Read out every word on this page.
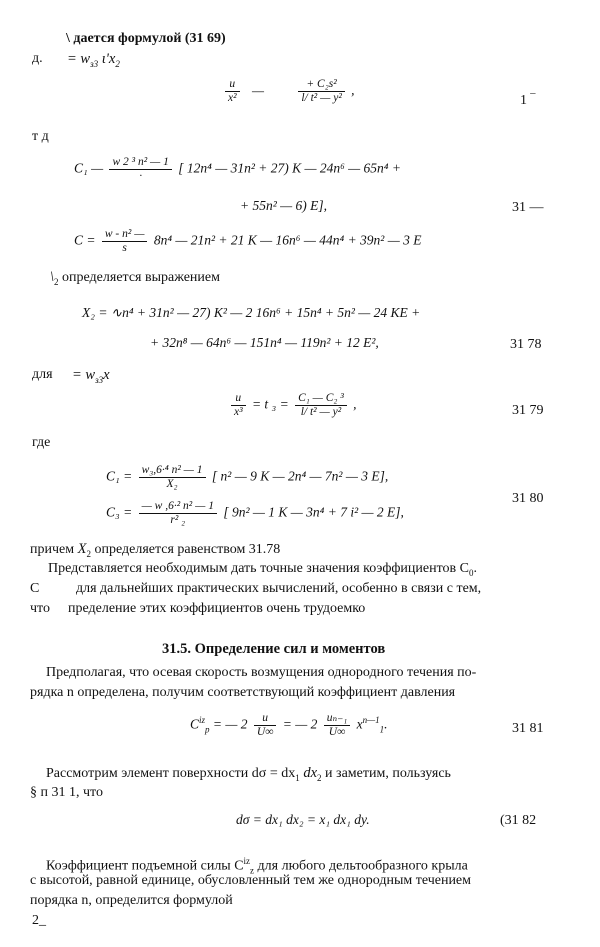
\ дается формулой (31 69)
д. = $w_{з3}$ $\iota'x_2$
$\frac{u}{\text{x²}}$ —	$\frac{\text{+ C₂s²}}{\text{l/ t² — y²}}$ ,
1 ‾
т д
C₁ — $\frac{\text{w 2 ³ n² — 1}}{\cdot}$ [ 12n⁴ — 31n² + 27) K — 24n⁶ — 65n⁴ +
+ 55n² — 6) E],	31 —
$C = \frac{\text{w - n² —}}{s} 8n^4$ — 21n² + 21 K — 16n⁶ — 44n⁴ + 39n² — 3 E
$\backslash_2$ определяется выражением
X₂ = ∿n⁴ + 31n² — 27) K² — 2 16n⁶ + 15n⁴ + 5n² — 24 KE +
+ 32n⁸ — 64n⁶ — 151n⁴ — 119n² + 12 E²,	31 78
для = $w_{з3}x$
$\frac{u}{\text{x³}} = t$ $_3 = \frac{\text{C₁ — C₂ ³}}{\text{l/ t² — y²}}$ ,	31 79
где
$C_1 = \frac{\text{w₃,6·⁴ n² — 1}}{\text{X₂}}$ [ n² — 9 K — 2n⁴ — 7n² — 3 E],
$C_3 = \frac{\text{— w ,6·² n² — 1}}{\text{r² ₂}}$ [ 9n² — 1 K — 3n⁴ + 7 i² — 2 E],
31 80
причем $X_2$ определяется равенством 31.78
Представляется необходимым дать точные значения коэффициентов $C_0$.
C	для дальнейших практических вычислений, особенно в связи с тем,
что пределение этих коэффициентов очень трудоемко
31.5. Определение сил и моментов
Предполагая, что осевая скорость возмущения однородного течения по-
рядка n определена, получим соответствующий коэффициент давления
$C^{iz}_p$ = — $2 \frac{u}{U\infty}$ = — $2 \frac{\text{uₙ₋₁}}{U\infty} x^{n—1}_1$.	31 81
Рассмотрим элемент поверхности $d\sigma = dx_1$ $dx_2$ и заметим, пользуясь
§ п 31 1, что
dσ = dx₁ dx₂ = x₁ dx₁ dy.	(31 82
Коэффициент подъемной силы $C^{iz}_z$ для любого дельтообразного крыла
с высотой, равной единице, обусловленный тем же однородным течением
порядка n, определится формулой
2_
